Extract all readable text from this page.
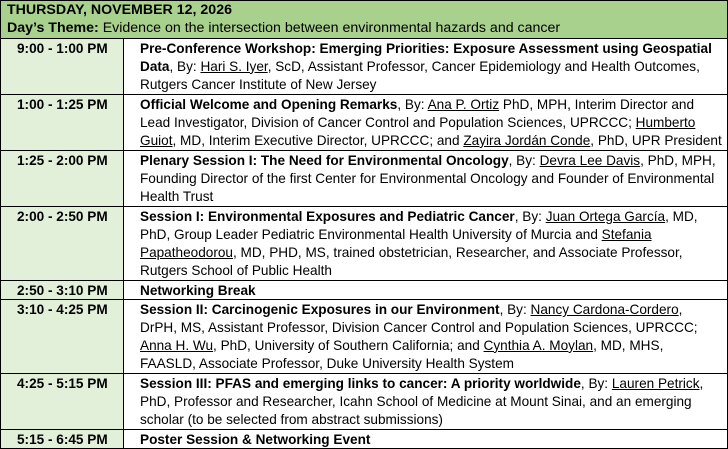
THURSDAY, NOVEMBER 12, 2026
Day’s Theme: Evidence on the intersection between environmental hazards and cancer
9:00 - 1:00 PM	Pre-Conference Workshop: Emerging Priorities: Exposure Assessment using Geospatial Data, By: Hari S. Iyer, ScD, Assistant Professor, Cancer Epidemiology and Health Outcomes, Rutgers Cancer Institute of New Jersey
1:00 - 1:25 PM	Official Welcome and Opening Remarks, By: Ana P. Ortiz PhD, MPH, Interim Director and Lead Investigator, Division of Cancer Control and Population Sciences, UPRCCC; Humberto Guiot, MD, Interim Executive Director, UPRCCC; and Zayira Jordán Conde, PhD, UPR President
1:25 - 2:00 PM	Plenary Session I: The Need for Environmental Oncology, By: Devra Lee Davis, PhD, MPH, Founding Director of the first Center for Environmental Oncology and Founder of Environmental Health Trust
2:00 - 2:50 PM	Session I: Environmental Exposures and Pediatric Cancer, By: Juan Ortega García, MD, PhD, Group Leader Pediatric Environmental Health University of Murcia and Stefania Papatheodorou, MD, PHD, MS, trained obstetrician, Researcher, and Associate Professor, Rutgers School of Public Health
2:50 - 3:10 PM	Networking Break
3:10 - 4:25 PM	Session II: Carcinogenic Exposures in our Environment, By: Nancy Cardona-Cordero, DrPH, MS, Assistant Professor, Division Cancer Control and Population Sciences, UPRCCC; Anna H. Wu, PhD, University of Southern California; and Cynthia A. Moylan, MD, MHS, FAASLD, Associate Professor, Duke University Health System
4:25 - 5:15 PM	Session III: PFAS and emerging links to cancer: A priority worldwide, By: Lauren Petrick, PhD, Professor and Researcher, Icahn School of Medicine at Mount Sinai, and an emerging scholar (to be selected from abstract submissions)
5:15 - 6:45 PM	Poster Session & Networking Event
